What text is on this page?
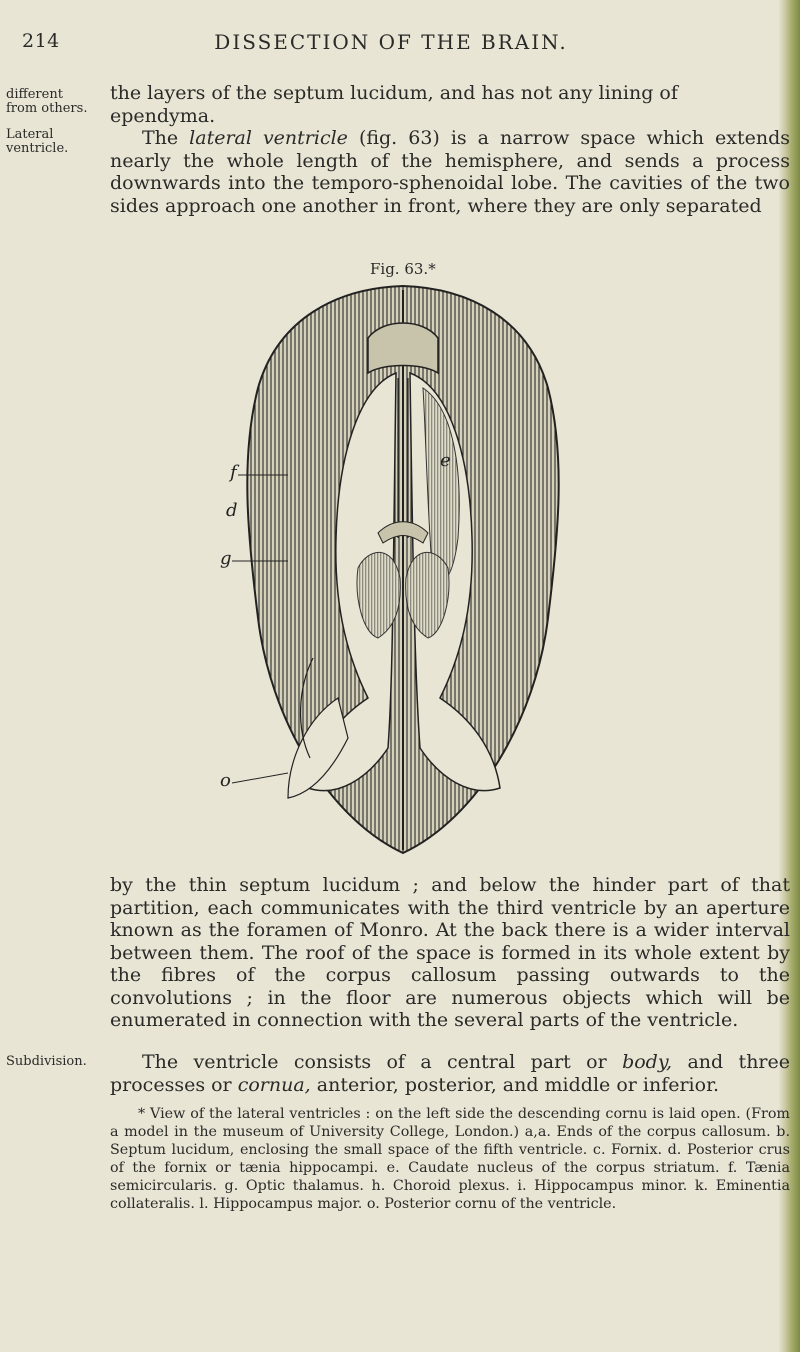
214	DISSECTION OF THE BRAIN.
different
from others.
Lateral
ventricle.
Subdivision.

the layers of the septum lucidum, and has not any lining of
ependyma.

The lateral ventricle (fig. 63) is a narrow space which extends nearly the whole length of the hemisphere, and sends a process downwards into the temporo-sphenoidal lobe. The cavities of the two sides approach one another in front, where they are only separated

Fig. 63.*
f
d
g
o
e

by the thin septum lucidum ; and below the hinder part of that partition, each communicates with the third ventricle by an aperture known as the foramen of Monro. At the back there is a wider interval between them. The roof of the space is formed in its whole extent by the fibres of the corpus callosum passing outwards to the convolutions ; in the floor are numerous objects which will be enumerated in connection with the several parts of the ventricle.

The ventricle consists of a central part or body, and three processes or cornua, anterior, posterior, and middle or inferior.

* View of the lateral ventricles : on the left side the descending cornu is laid open. (From a model in the museum of University College, London.) a,a. Ends of the corpus callosum. b. Septum lucidum, enclosing the small space of the fifth ventricle. c. Fornix. d. Posterior crus of the fornix or tænia hippocampi. e. Caudate nucleus of the corpus striatum. f. Tænia semicircularis. g. Optic thalamus. h. Choroid plexus. i. Hippocampus minor. k. Eminentia collateralis. l. Hippocampus major. o. Posterior cornu of the ventricle.
